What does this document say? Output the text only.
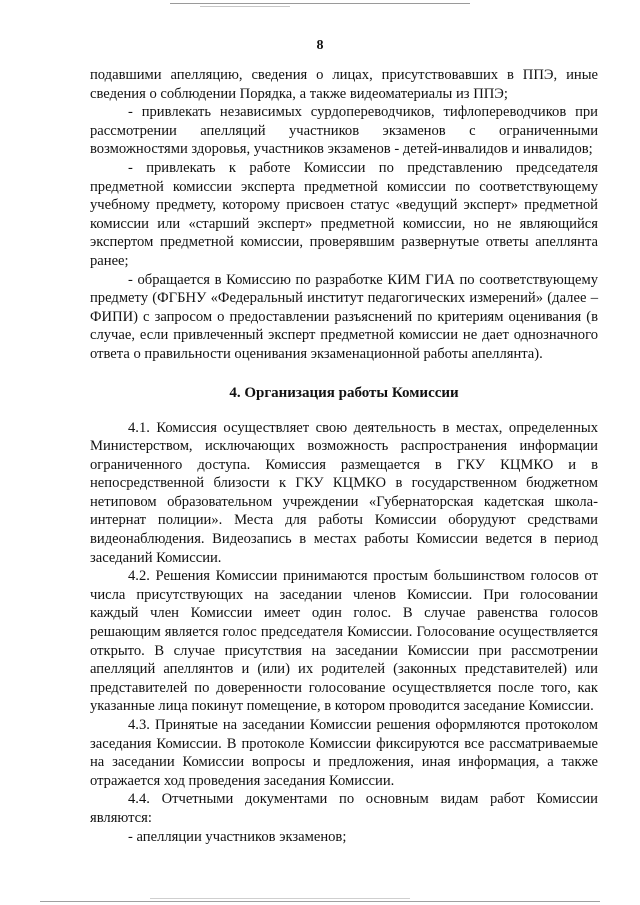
8

подавшими апелляцию, сведения о лицах, присутствовавших в ППЭ, иные сведения о соблюдении Порядка, а также видеоматериалы из ППЭ;

- привлекать независимых сурдопереводчиков, тифлопереводчиков при рассмотрении апелляций участников экзаменов с ограниченными возможностями здоровья, участников экзаменов - детей-инвалидов и инвалидов;

- привлекать к работе Комиссии по представлению председателя предметной комиссии эксперта предметной комиссии по соответствующему учебному предмету, которому присвоен статус «ведущий эксперт» предметной комиссии или «старший эксперт» предметной комиссии, но не являющийся экспертом предметной комиссии, проверявшим развернутые ответы апеллянта ранее;

- обращается в Комиссию по разработке КИМ ГИА по соответствующему предмету (ФГБНУ «Федеральный институт педагогических измерений» (далее – ФИПИ) с запросом о предоставлении разъяснений по критериям оценивания (в случае, если привлеченный эксперт предметной комиссии не дает однозначного ответа о правильности оценивания экзаменационной работы апеллянта).

4. Организация работы Комиссии

4.1. Комиссия осуществляет свою деятельность в местах, определенных Министерством, исключающих возможность распространения информации ограниченного доступа. Комиссия размещается в ГКУ КЦМКО и в непосредственной близости к ГКУ КЦМКО в государственном бюджетном нетиповом образовательном учреждении «Губернаторская кадетская школа-интернат полиции». Места для работы Комиссии оборудуют средствами видеонаблюдения. Видеозапись в местах работы Комиссии ведется в период заседаний Комиссии.

4.2. Решения Комиссии принимаются простым большинством голосов от числа присутствующих на заседании членов Комиссии. При голосовании каждый член Комиссии имеет один голос. В случае равенства голосов решающим является голос председателя Комиссии. Голосование осуществляется открыто. В случае присутствия на заседании Комиссии при рассмотрении апелляций апеллянтов и (или) их родителей (законных представителей) или представителей по доверенности голосование осуществляется после того, как указанные лица покинут помещение, в котором проводится заседание Комиссии.

4.3. Принятые на заседании Комиссии решения оформляются протоколом заседания Комиссии. В протоколе Комиссии фиксируются все рассматриваемые на заседании Комиссии вопросы и предложения, иная информация, а также отражается ход проведения заседания Комиссии.

4.4. Отчетными документами по основным видам работ Комиссии являются:

- апелляции участников экзаменов;
